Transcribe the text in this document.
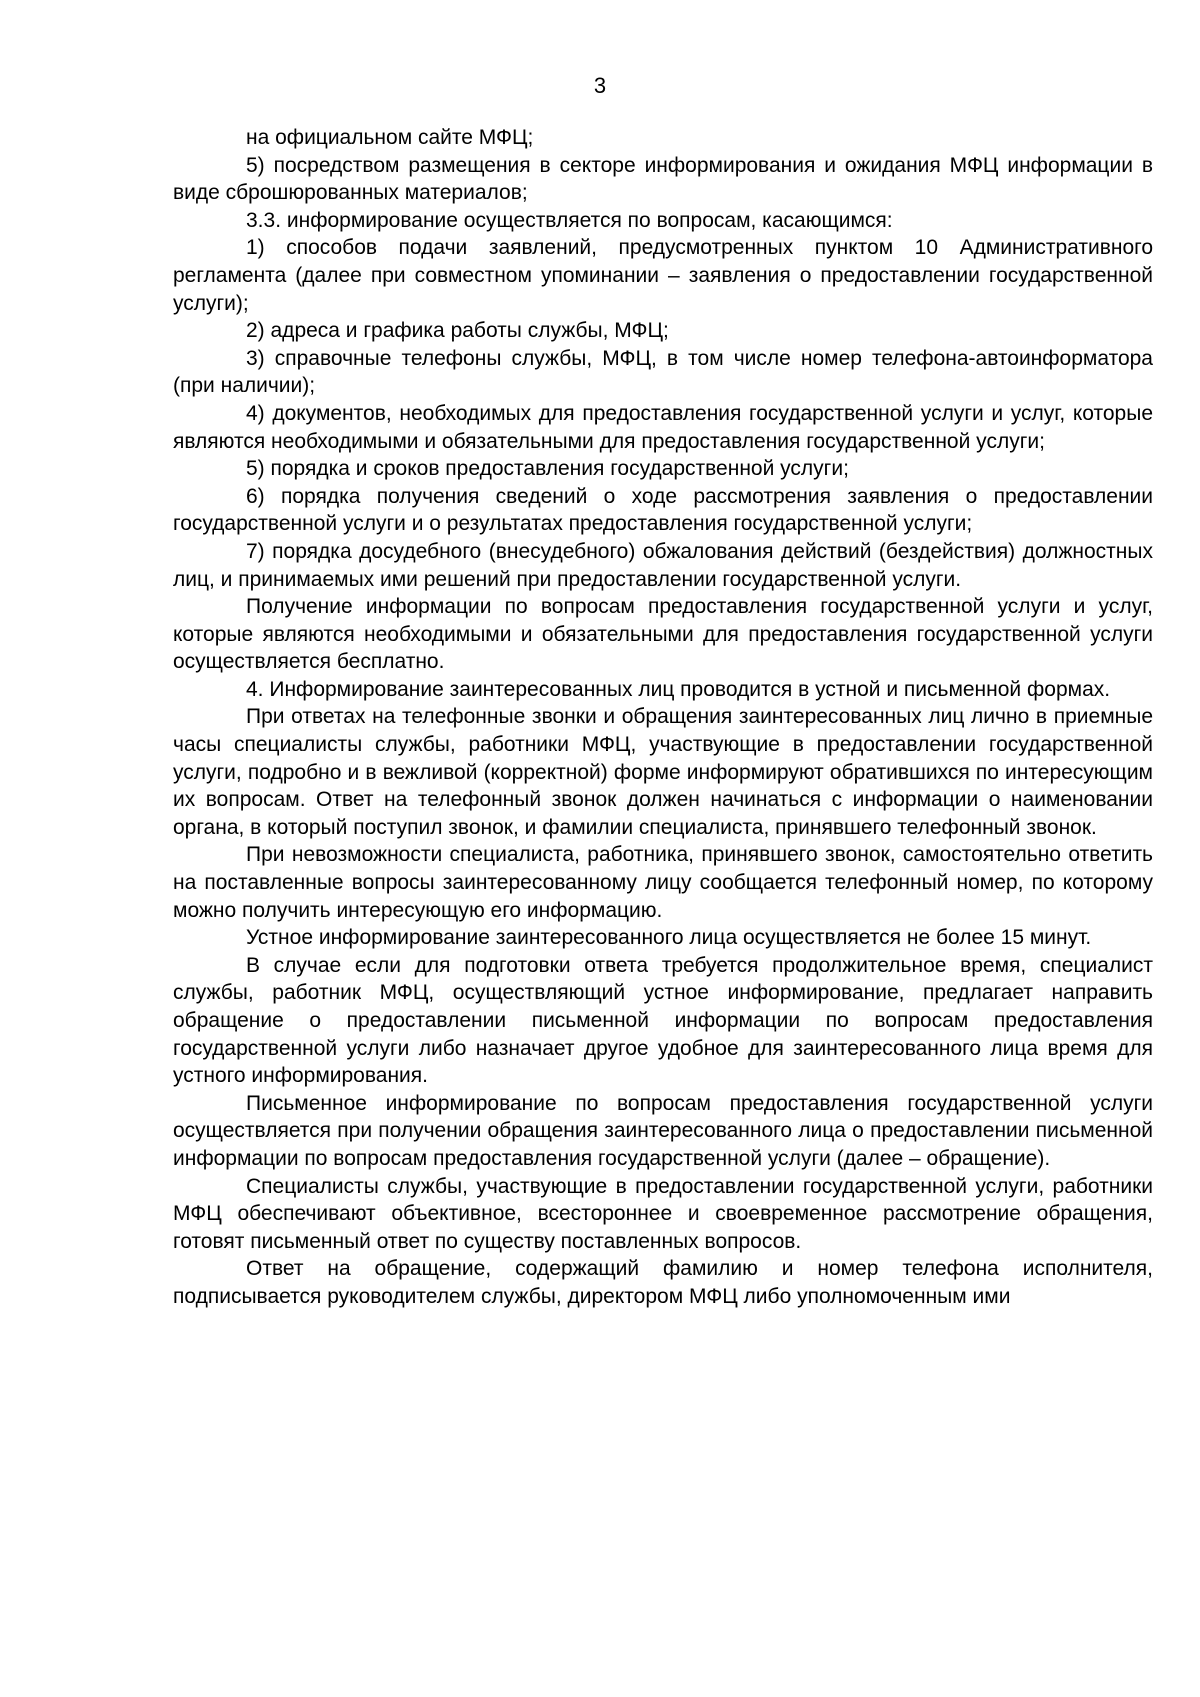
3

на официальном сайте МФЦ;

5) посредством размещения в секторе информирования и ожидания МФЦ информации в виде сброшюрованных материалов;

3.3. информирование осуществляется по вопросам, касающимся:

1) способов подачи заявлений, предусмотренных пунктом 10 Административного регламента (далее при совместном упоминании – заявления о предоставлении государственной услуги);

2) адреса и графика работы службы, МФЦ;

3) справочные телефоны службы, МФЦ, в том числе номер телефона-автоинформатора (при наличии);

4) документов, необходимых для предоставления государственной услуги и услуг, которые являются необходимыми и обязательными для предоставления государственной услуги;

5) порядка и сроков предоставления государственной услуги;

6) порядка получения сведений о ходе рассмотрения заявления о предоставлении государственной услуги и о результатах предоставления государственной услуги;

7) порядка досудебного (внесудебного) обжалования действий (бездействия) должностных лиц, и принимаемых ими решений при предоставлении государственной услуги.

Получение информации по вопросам предоставления государственной услуги и услуг, которые являются необходимыми и обязательными для предоставления государственной услуги осуществляется бесплатно.

4. Информирование заинтересованных лиц проводится в устной и письменной формах.

При ответах на телефонные звонки и обращения заинтересованных лиц лично в приемные часы специалисты службы, работники МФЦ, участвующие в предоставлении государственной услуги, подробно и в вежливой (корректной) форме информируют обратившихся по интересующим их вопросам. Ответ на телефонный звонок должен начинаться с информации о наименовании органа, в который поступил звонок, и фамилии специалиста, принявшего телефонный звонок.

При невозможности специалиста, работника, принявшего звонок, самостоятельно ответить на поставленные вопросы заинтересованному лицу сообщается телефонный номер, по которому можно получить интересующую его информацию.

Устное информирование заинтересованного лица осуществляется не более 15 минут.

В случае если для подготовки ответа требуется продолжительное время, специалист службы, работник МФЦ, осуществляющий устное информирование, предлагает направить обращение о предоставлении письменной информации по вопросам предоставления государственной услуги либо назначает другое удобное для заинтересованного лица время для устного информирования.

Письменное информирование по вопросам предоставления государственной услуги осуществляется при получении обращения заинтересованного лица о предоставлении письменной информации по вопросам предоставления государственной услуги (далее – обращение).

Специалисты службы, участвующие в предоставлении государственной услуги, работники МФЦ обеспечивают объективное, всестороннее и своевременное рассмотрение обращения, готовят письменный ответ по существу поставленных вопросов.

Ответ на обращение, содержащий фамилию и номер телефона исполнителя, подписывается руководителем службы, директором МФЦ либо уполномоченным ими
